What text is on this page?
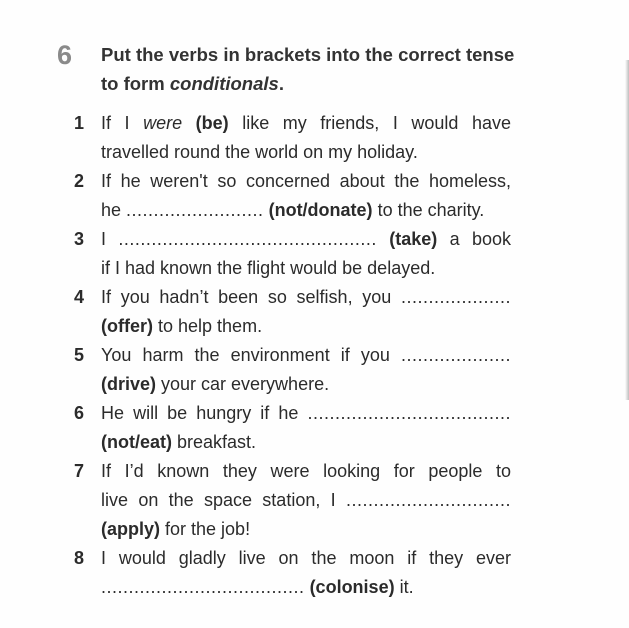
6 Put the verbs in brackets into the correct tense to form conditionals.
1 If I were (be) like my friends, I would have
travelled round the world on my holiday.
2 If he weren't so concerned about the homeless,
he ......................... (not/donate) to the charity.
3 I ............................................... (take) a book
if I had known the flight would be delayed.
4 If you hadn’t been so selfish, you ....................
(offer) to help them.
5 You harm the environment if you ....................
(drive) your car everywhere.
6 He will be hungry if he .....................................
(not/eat) breakfast.
7 If I’d known they were looking for people to
live on the space station, I ..............................
(apply) for the job!
8 I would gladly live on the moon if they ever
..................................... (colonise) it.
